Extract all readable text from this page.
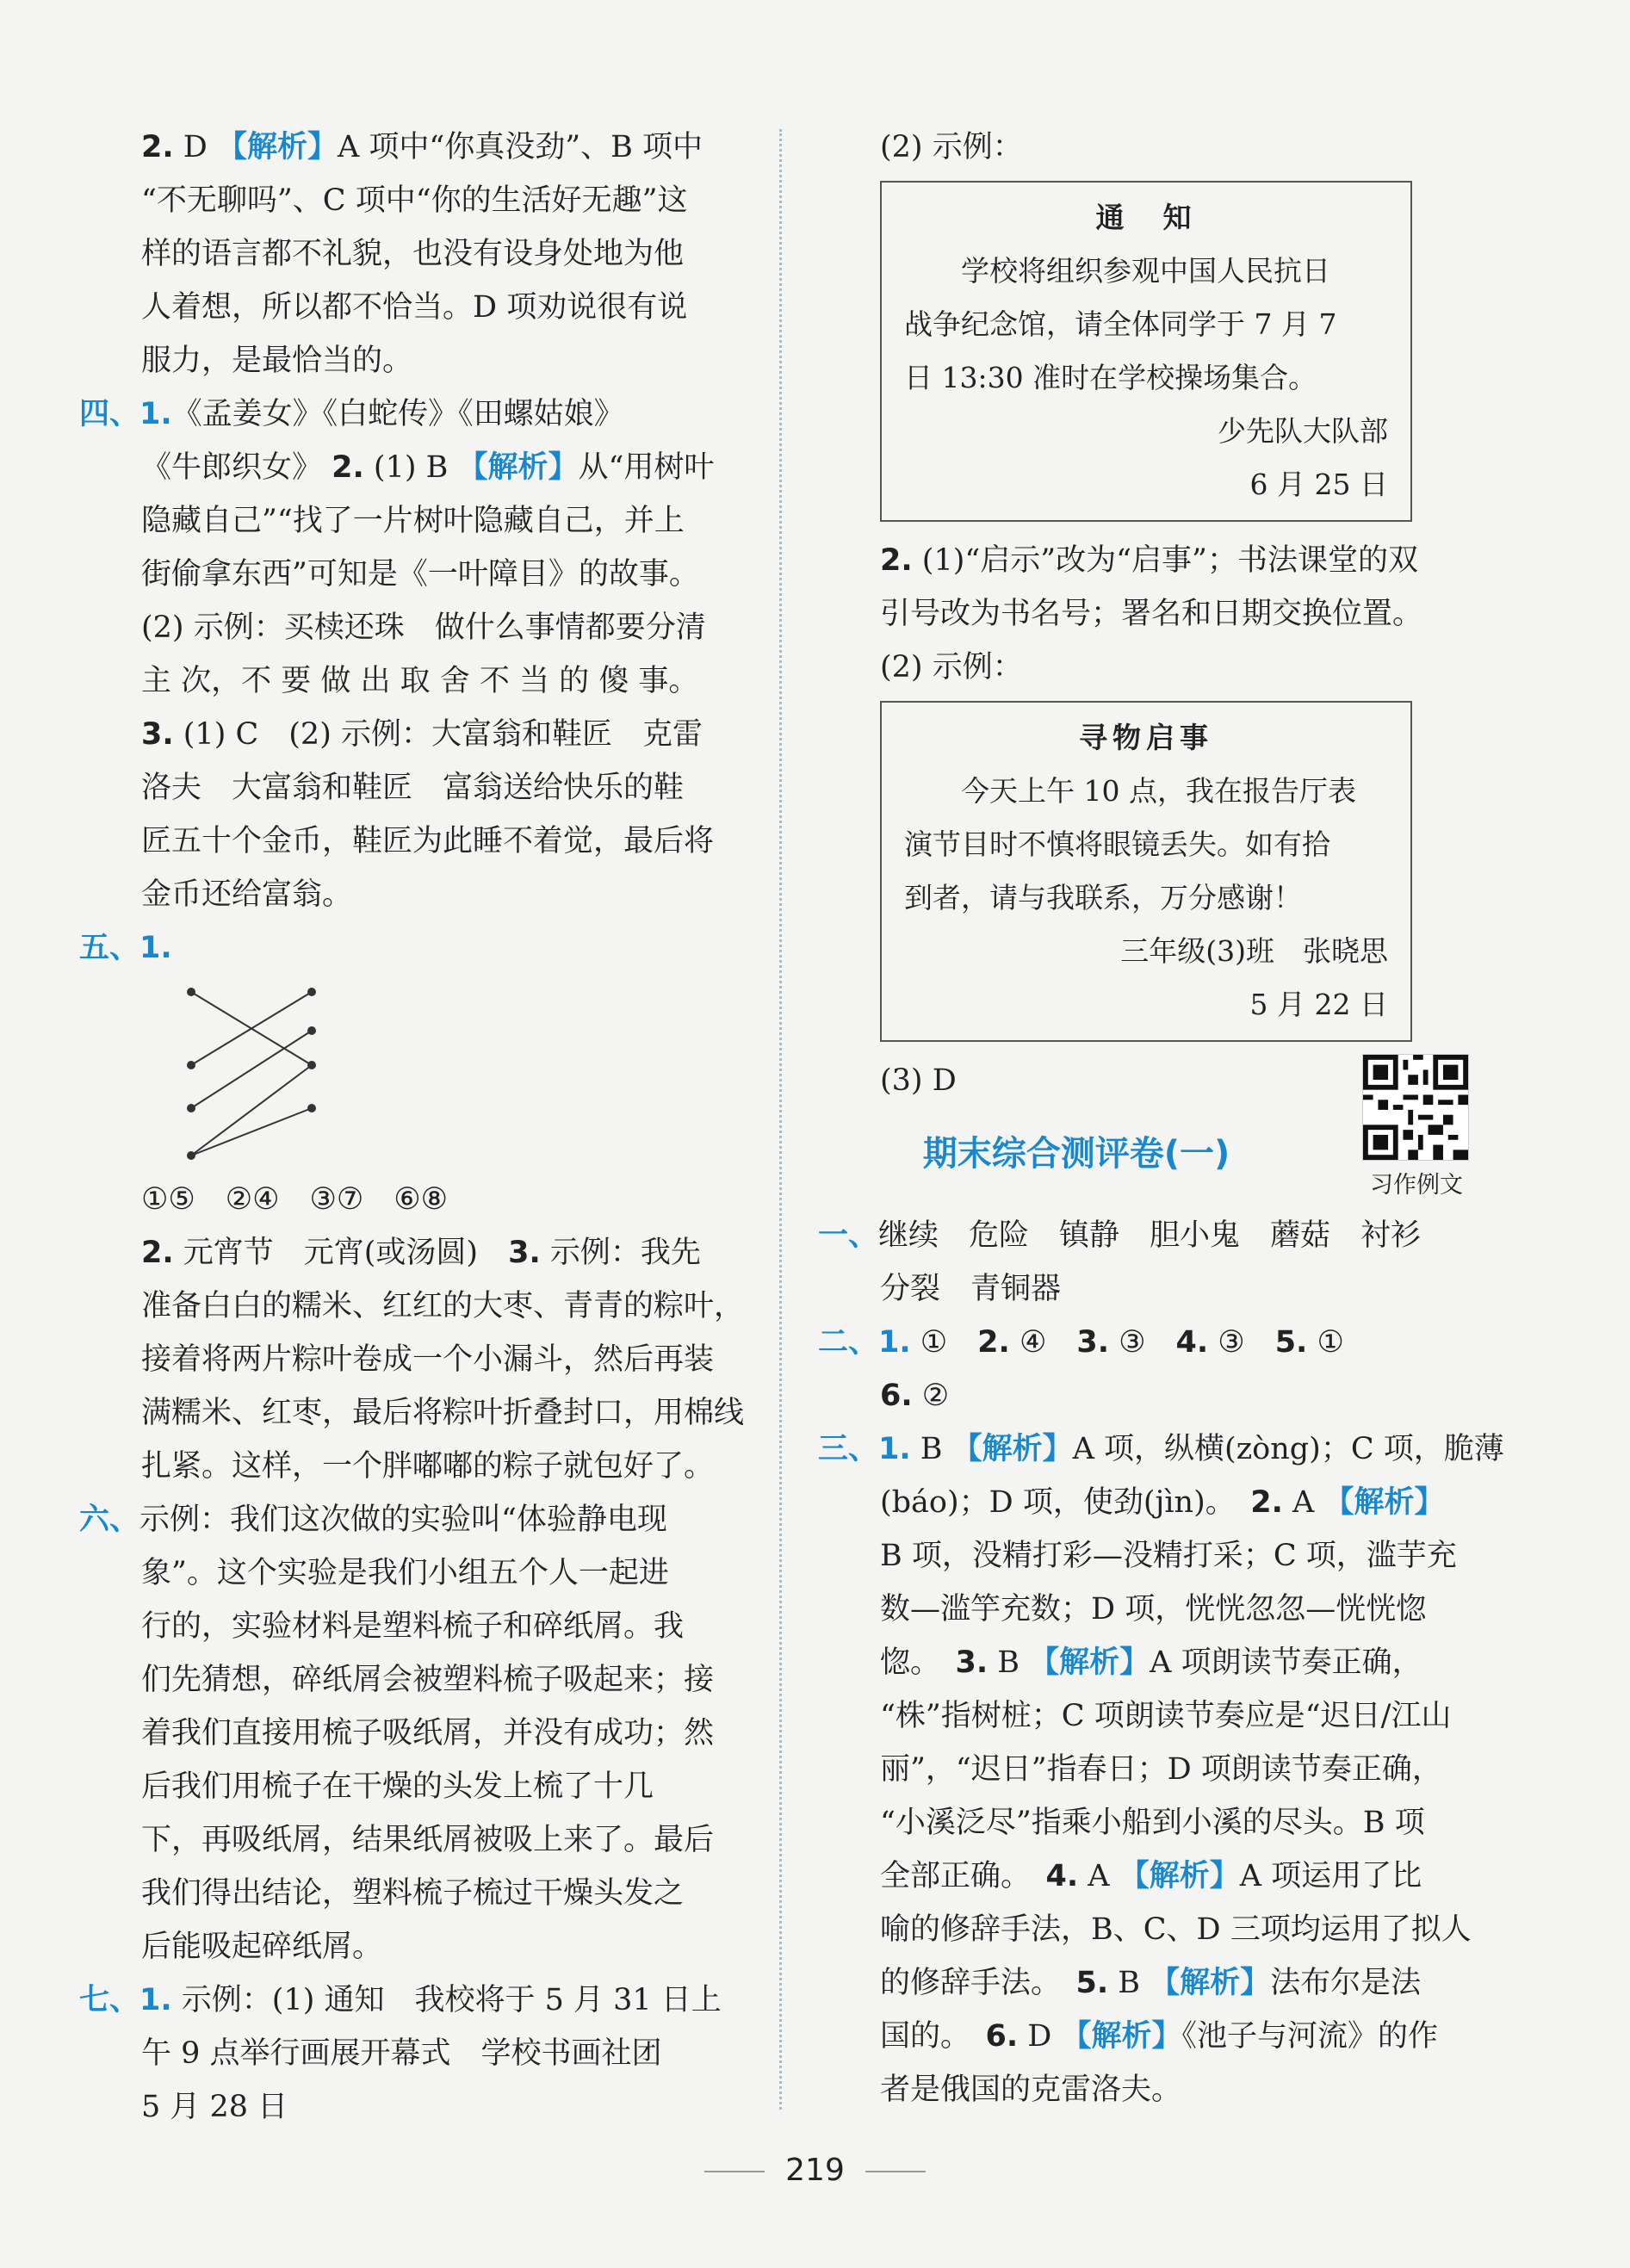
2. D 【解析】A 项中“你真没劲”、B 项中

“不无聊吗”、C 项中“你的生活好无趣”这

样的语言都不礼貌，也没有设身处地为他

人着想，所以都不恰当。D 项劝说很有说

服力，是最恰当的。

四、1.《孟姜女》《白蛇传》《田螺姑娘》

《牛郎织女》 2. (1) B 【解析】从“用树叶

隐藏自己”“找了一片树叶隐藏自己，并上

街偷拿东西”可知是《一叶障目》的故事。

(2) 示例：买椟还珠　做什么事情都要分清

主 次，不 要 做 出 取 舍 不 当 的 傻 事。

3. (1) C　(2) 示例：大富翁和鞋匠　克雷

洛夫　大富翁和鞋匠　富翁送给快乐的鞋

匠五十个金币，鞋匠为此睡不着觉，最后将

金币还给富翁。

五、1.

①⑤　②④　③⑦　⑥⑧

2. 元宵节　元宵(或汤圆)　3. 示例：我先

准备白白的糯米、红红的大枣、青青的粽叶，

接着将两片粽叶卷成一个小漏斗，然后再装

满糯米、红枣，最后将粽叶折叠封口，用棉线

扎紧。这样，一个胖嘟嘟的粽子就包好了。

六、示例：我们这次做的实验叫“体验静电现

象”。这个实验是我们小组五个人一起进

行的，实验材料是塑料梳子和碎纸屑。我

们先猜想，碎纸屑会被塑料梳子吸起来；接

着我们直接用梳子吸纸屑，并没有成功；然

后我们用梳子在干燥的头发上梳了十几

下，再吸纸屑，结果纸屑被吸上来了。最后

我们得出结论，塑料梳子梳过干燥头发之

后能吸起碎纸屑。

七、1. 示例：(1) 通知　我校将于 5 月 31 日上

午 9 点举行画展开幕式　学校书画社团

5 月 28 日

(2) 示例：

通　知

　　学校将组织参观中国人民抗日

战争纪念馆，请全体同学于 7 月 7

日 13:30 准时在学校操场集合。

少先队大队部

6 月 25 日

2. (1)“启示”改为“启事”；书法课堂的双

引号改为书名号；署名和日期交换位置。

(2) 示例：

寻物启事

　　今天上午 10 点，我在报告厅表

演节目时不慎将眼镜丢失。如有拾

到者，请与我联系，万分感谢！

三年级(3)班　张晓思

5 月 22 日

(3) D

期末综合测评卷(一)
习作例文

一、继续　危险　镇静　胆小鬼　蘑菇　衬衫

分裂　青铜器

二、1. ①　2. ④　3. ③　4. ③　5. ①

6. ②

三、1. B 【解析】A 项，纵横(zòng)；C 项，脆薄

(báo)；D 项，使劲(jìn)。　2. A 【解析】

B 项，没精打彩—没精打采；C 项，滥芋充

数—滥竽充数；D 项，恍恍忽忽—恍恍惚

惚。　3. B 【解析】A 项朗读节奏正确，

“株”指树桩；C 项朗读节奏应是“迟日/江山

丽”，“迟日”指春日；D 项朗读节奏正确，

“小溪泛尽”指乘小船到小溪的尽头。B 项

全部正确。　4. A 【解析】A 项运用了比

喻的修辞手法，B、C、D 三项均运用了拟人

的修辞手法。　5. B 【解析】法布尔是法

国的。　6. D 【解析】《池子与河流》的作

者是俄国的克雷洛夫。

219
